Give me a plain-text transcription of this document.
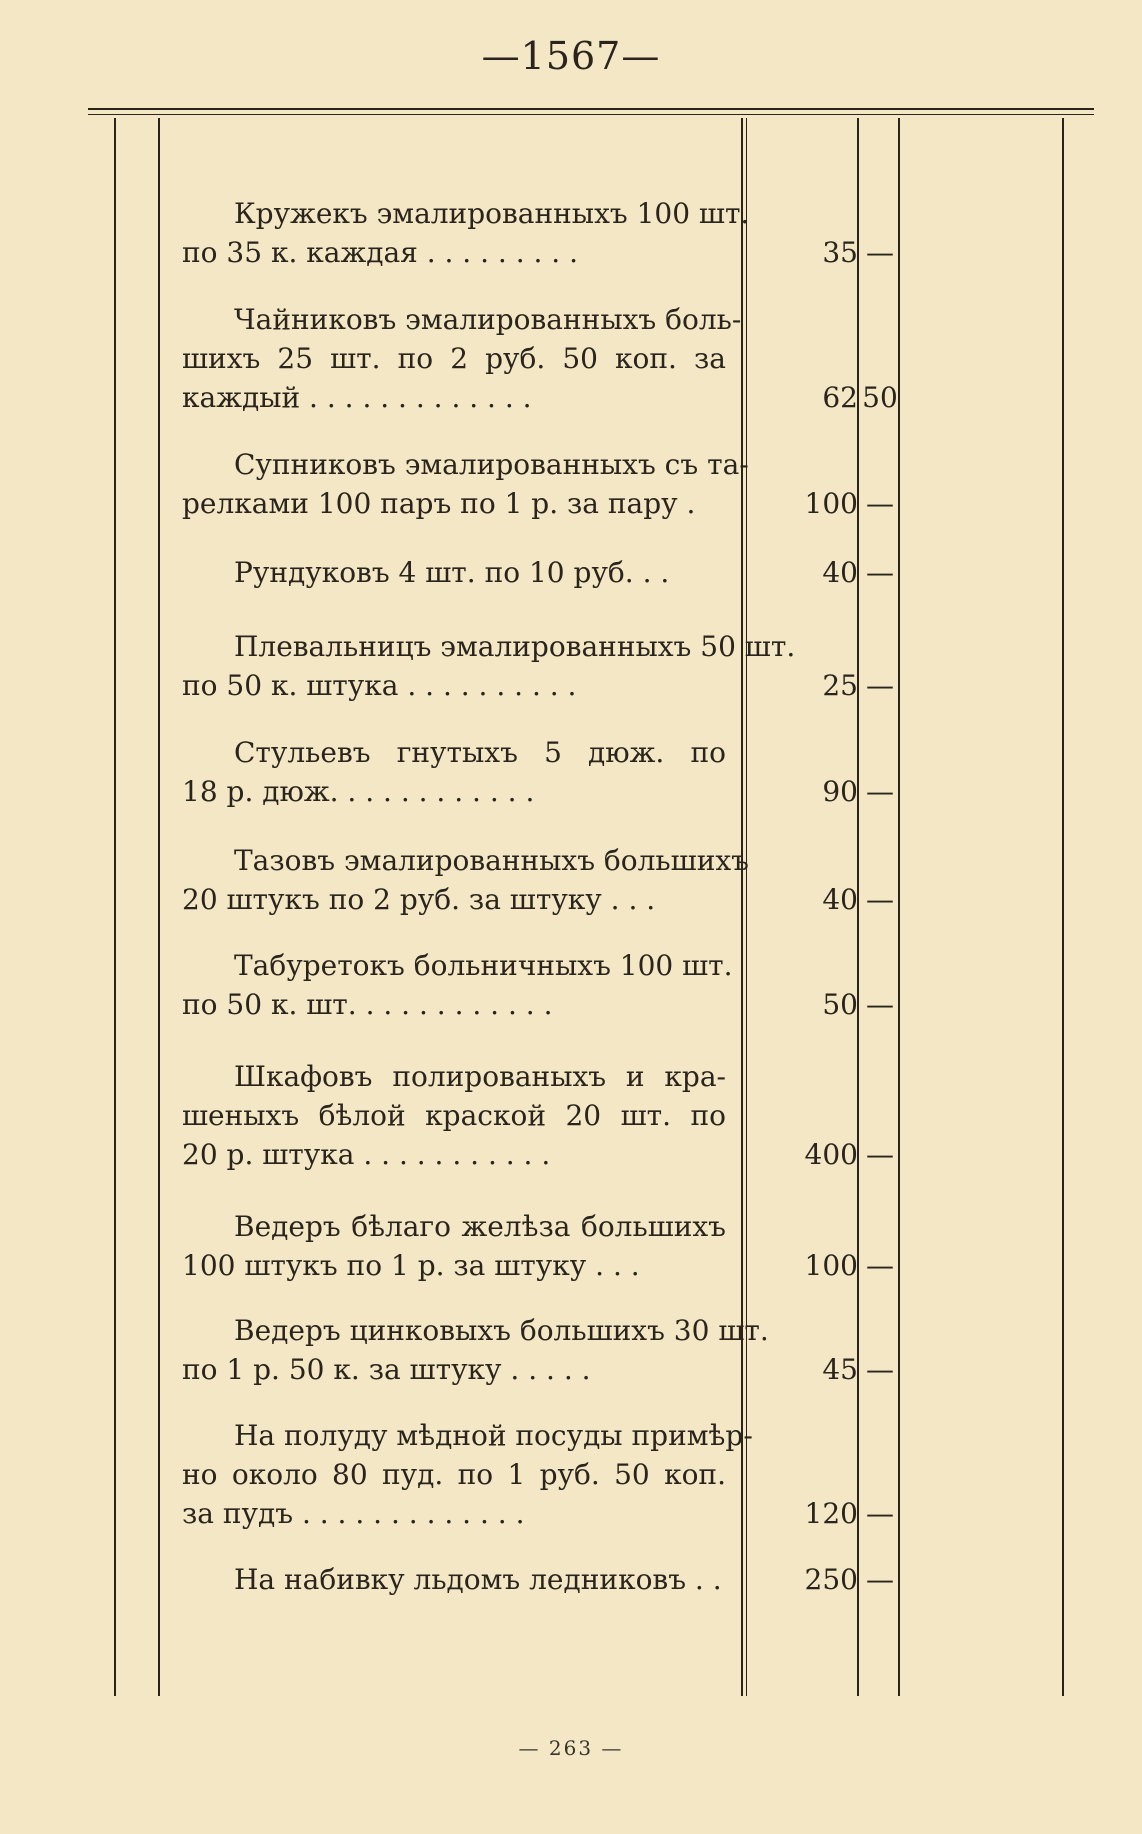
—1567—
Кружекъ эмалированныхъ 100 шт.
по 35 к. каждая . . . . . . . . .	35 —
Чайниковъ эмалированныхъ боль-
шихъ 25 шт. по 2 руб. 50 коп. за
каждый . . . . . . . . . . . . .	62 50
Супниковъ эмалированныхъ съ та-
релками 100 паръ по 1 р. за пару .	100 —
Рундуковъ 4 шт. по 10 руб. . .	40 —
Плевальницъ эмалированныхъ 50 шт.
по 50 к. штука . . . . . . . . . .	25 —
Стульевъ гнутыхъ 5 дюж. по
18 р. дюж. . . . . . . . . . . .	90 —
Тазовъ эмалированныхъ большихъ
20 штукъ по 2 руб. за штуку . . .	40 —
Табуретокъ больничныхъ 100 шт.
по 50 к. шт. . . . . . . . . . . .	50 —
Шкафовъ полированыхъ и кра-
шеныхъ бѣлой краской 20 шт. по
20 р. штука . . . . . . . . . . .	400 —
Ведеръ бѣлаго желѣза большихъ
100 штукъ по 1 р. за штуку . . .	100 —
Ведеръ цинковыхъ большихъ 30 шт.
по 1 р. 50 к. за штуку . . . . .	45 —
На полуду мѣдной посуды примѣр-
но около 80 пуд. по 1 руб. 50 коп.
за пудъ . . . . . . . . . . . . .	120 —
На набивку льдомъ ледниковъ . .	250 —
— 263 —
